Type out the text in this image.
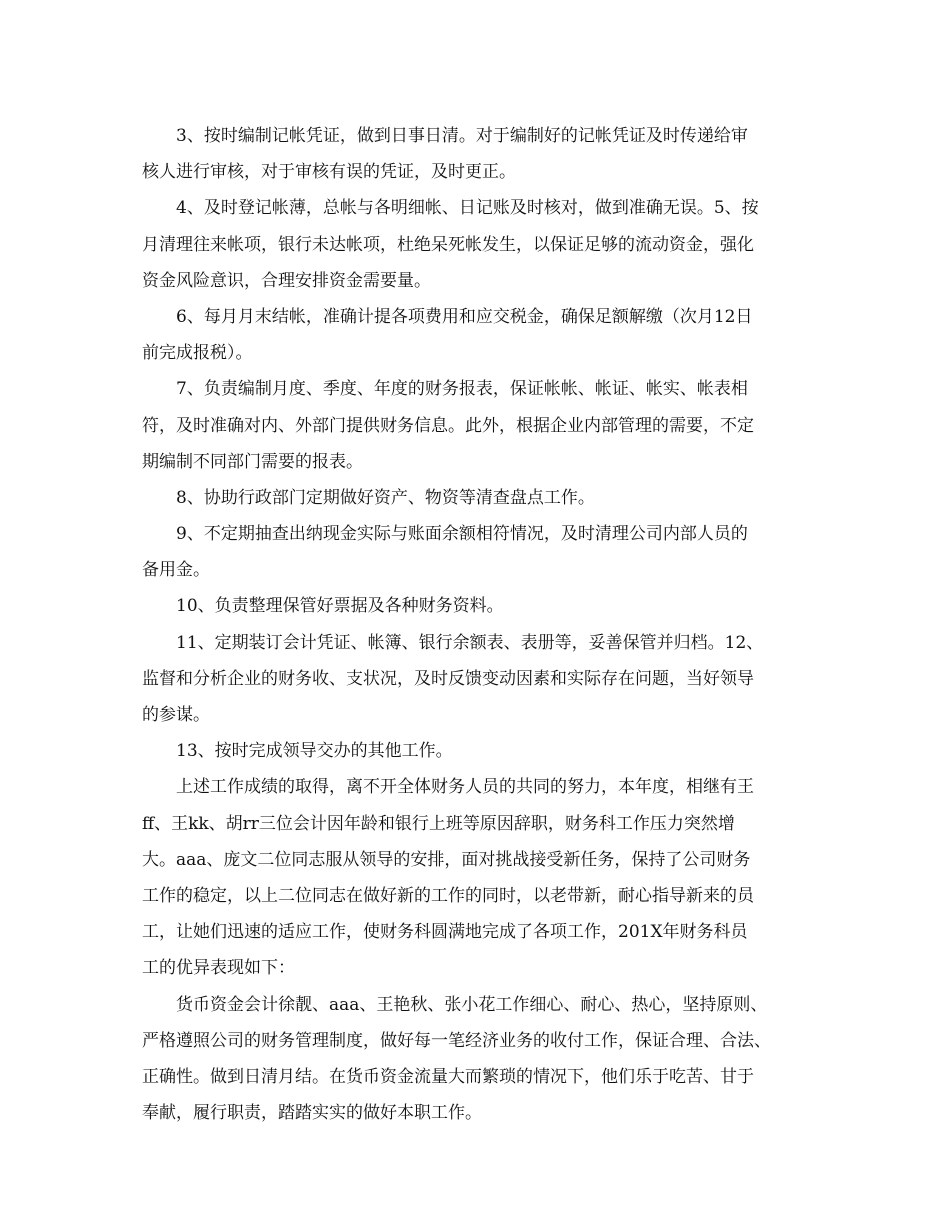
3、按时编制记帐凭证，做到日事日清。对于编制好的记帐凭证及时传递给审

核人进行审核，对于审核有误的凭证，及时更正。

4、及时登记帐薄，总帐与各明细帐、日记账及时核对，做到准确无误。5、按

月清理往来帐项，银行未达帐项，杜绝呆死帐发生，以保证足够的流动资金，强化

资金风险意识，合理安排资金需要量。

6、每月月末结帐，准确计提各项费用和应交税金，确保足额解缴（次月12日

前完成报税）。

7、负责编制月度、季度、年度的财务报表，保证帐帐、帐证、帐实、帐表相

符，及时准确对内、外部门提供财务信息。此外，根据企业内部管理的需要，不定

期编制不同部门需要的报表。

8、协助行政部门定期做好资产、物资等清查盘点工作。

9、不定期抽查出纳现金实际与账面余额相符情况，及时清理公司内部人员的

备用金。

10、负责整理保管好票据及各种财务资料。

11、定期装订会计凭证、帐簿、银行余额表、表册等，妥善保管并归档。12、

监督和分析企业的财务收、支状况，及时反馈变动因素和实际存在问题，当好领导

的参谋。

13、按时完成领导交办的其他工作。

上述工作成绩的取得，离不开全体财务人员的共同的努力，本年度，相继有王

ff、王kk、胡rr三位会计因年龄和银行上班等原因辞职，财务科工作压力突然增

大。aaa、庞文二位同志服从领导的安排，面对挑战接受新任务，保持了公司财务

工作的稳定，以上二位同志在做好新的工作的同时，以老带新，耐心指导新来的员

工，让她们迅速的适应工作，使财务科圆满地完成了各项工作，201X年财务科员

工的优异表现如下：

货币资金会计徐靓、aaa、王艳秋、张小花工作细心、耐心、热心，坚持原则、

严格遵照公司的财务管理制度，做好每一笔经济业务的收付工作，保证合理、合法、

正确性。做到日清月结。在货币资金流量大而繁琐的情况下，他们乐于吃苦、甘于

奉献，履行职责，踏踏实实的做好本职工作。
